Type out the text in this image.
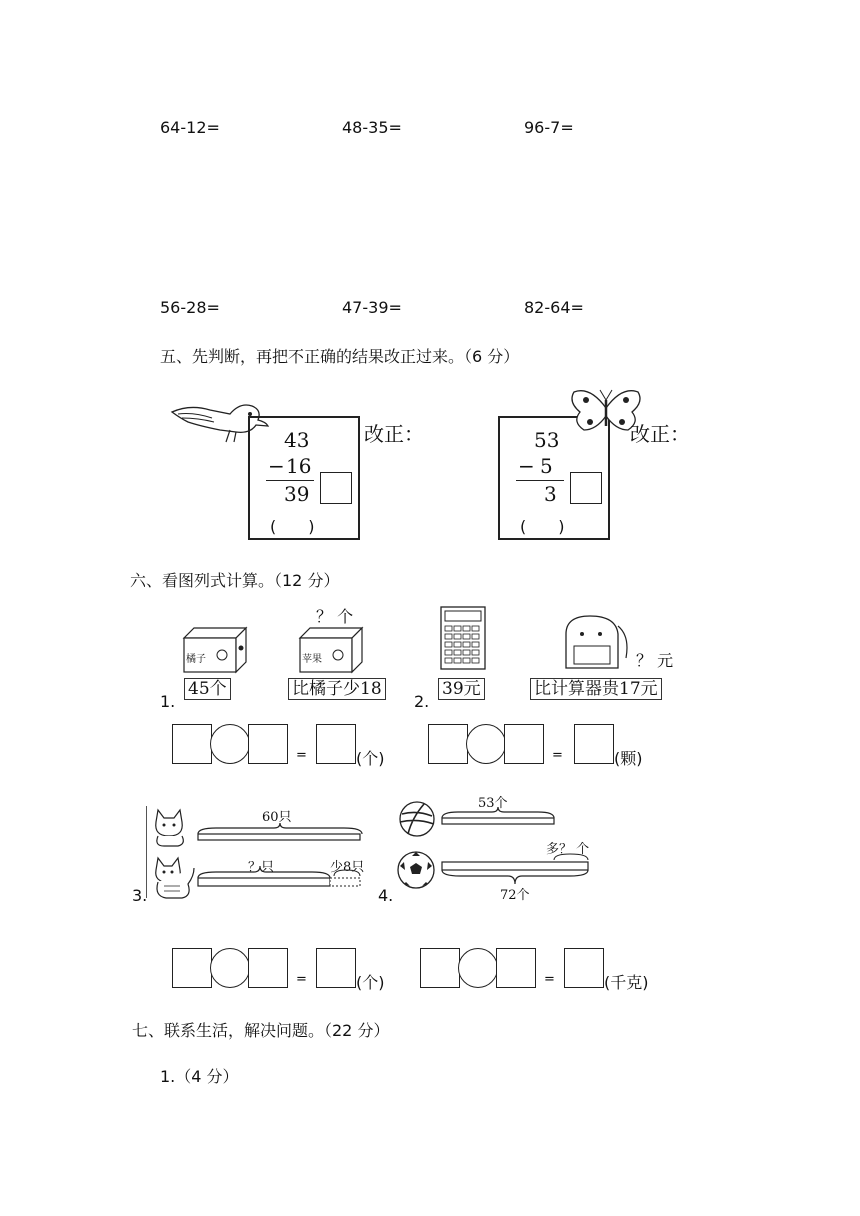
64-12=	48-35=	96-7=
56-28=	47-39=	82-64=
五、先判断，再把不正确的结果改正过来。（6 分）
43
− 16
39
(　　)
改正：	53
− 5
3
(　　)
改正：
六、看图列式计算。（12 分）
1.
橘子
45个
？ 个
苹果
比橘子少18
2.
39元
？ 元
比计算器贵17元
=	(个)	=	(颗)
3.
60只
？只	少8只
4.
53个
多？ 个
72个
=	(个)	=	(千克)
七、联系生活，解决问题。（22 分）
1.（4 分）
